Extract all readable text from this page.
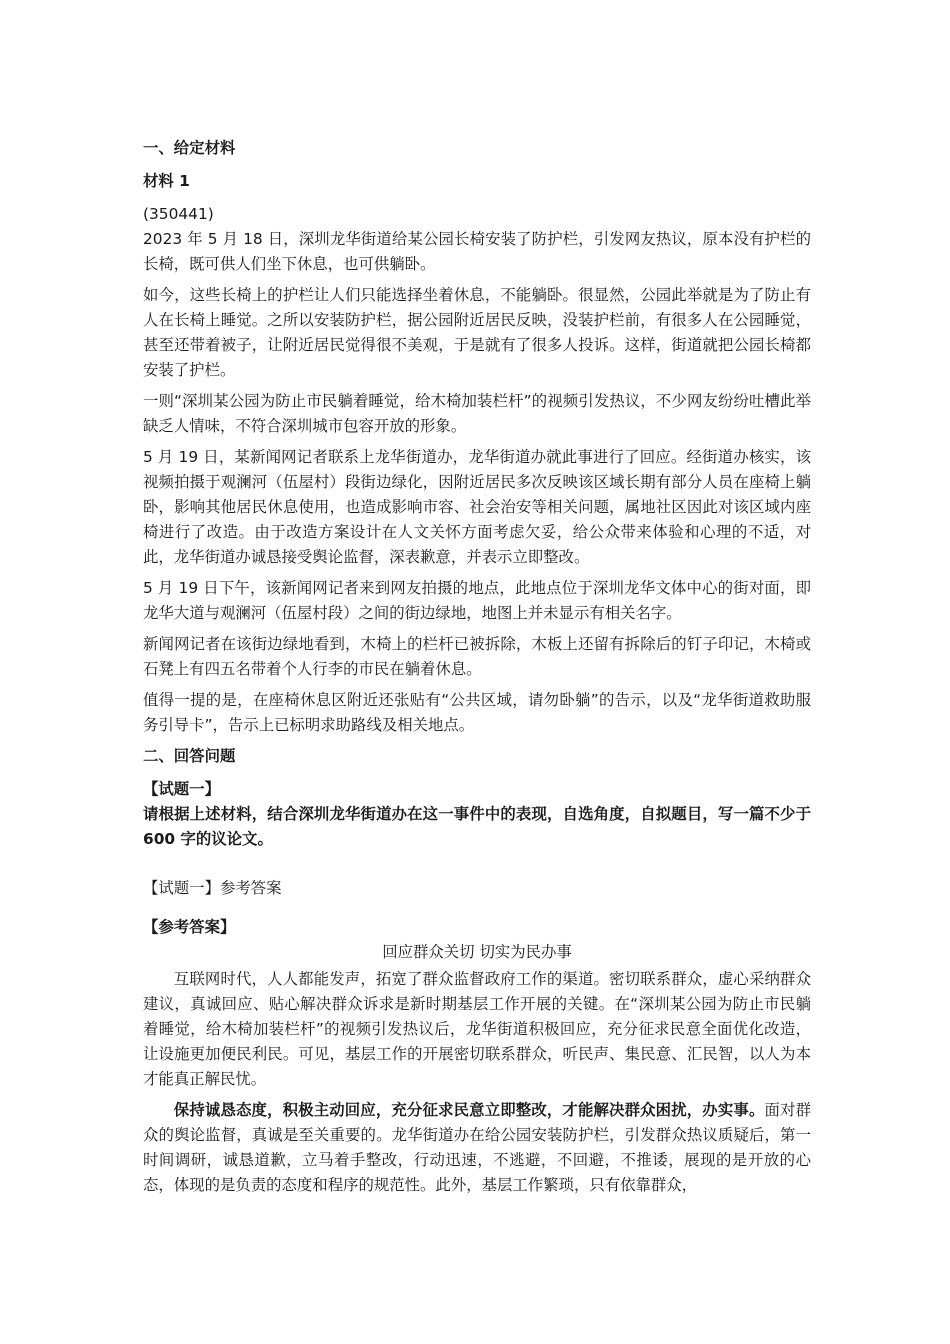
一、给定材料

材料 1

(350441)

2023 年 5 月 18 日，深圳龙华街道给某公园长椅安装了防护栏，引发网友热议，原本没有护栏的长椅，既可供人们坐下休息，也可供躺卧。

如今，这些长椅上的护栏让人们只能选择坐着休息，不能躺卧。很显然，公园此举就是为了防止有人在长椅上睡觉。之所以安装防护栏，据公园附近居民反映，没装护栏前，有很多人在公园睡觉，甚至还带着被子，让附近居民觉得很不美观，于是就有了很多人投诉。这样，街道就把公园长椅都安装了护栏。

一则“深圳某公园为防止市民躺着睡觉，给木椅加装栏杆”的视频引发热议，不少网友纷纷吐槽此举缺乏人情味，不符合深圳城市包容开放的形象。

5 月 19 日，某新闻网记者联系上龙华街道办，龙华街道办就此事进行了回应。经街道办核实，该视频拍摄于观澜河（伍屋村）段街边绿化，因附近居民多次反映该区域长期有部分人员在座椅上躺卧，影响其他居民休息使用，也造成影响市容、社会治安等相关问题，属地社区因此对该区域内座椅进行了改造。由于改造方案设计在人文关怀方面考虑欠妥，给公众带来体验和心理的不适，对此，龙华街道办诚恳接受舆论监督，深表歉意，并表示立即整改。

5 月 19 日下午，该新闻网记者来到网友拍摄的地点，此地点位于深圳龙华文体中心的街对面，即龙华大道与观澜河（伍屋村段）之间的街边绿地，地图上并未显示有相关名字。

新闻网记者在该街边绿地看到，木椅上的栏杆已被拆除，木板上还留有拆除后的钉子印记，木椅或石凳上有四五名带着个人行李的市民在躺着休息。

值得一提的是，在座椅休息区附近还张贴有“公共区域，请勿卧躺”的告示，以及“龙华街道救助服务引导卡”，告示上已标明求助路线及相关地点。

二、回答问题

【试题一】

请根据上述材料，结合深圳龙华街道办在这一事件中的表现，自选角度，自拟题目，写一篇不少于 600 字的议论文。

【试题一】参考答案

【参考答案】

回应群众关切 切实为民办事

互联网时代，人人都能发声，拓宽了群众监督政府工作的渠道。密切联系群众，虚心采纳群众建议，真诚回应、贴心解决群众诉求是新时期基层工作开展的关键。在“深圳某公园为防止市民躺着睡觉，给木椅加装栏杆”的视频引发热议后，龙华街道积极回应，充分征求民意全面优化改造，让设施更加便民利民。可见，基层工作的开展密切联系群众，听民声、集民意、汇民智，以人为本才能真正解民忧。

保持诚恳态度，积极主动回应，充分征求民意立即整改，才能解决群众困扰，办实事。面对群众的舆论监督，真诚是至关重要的。龙华街道办在给公园安装防护栏，引发群众热议质疑后，第一时间调研，诚恳道歉，立马着手整改，行动迅速，不逃避，不回避，不推诿，展现的是开放的心态，体现的是负责的态度和程序的规范性。此外，基层工作繁琐，只有依靠群众，
